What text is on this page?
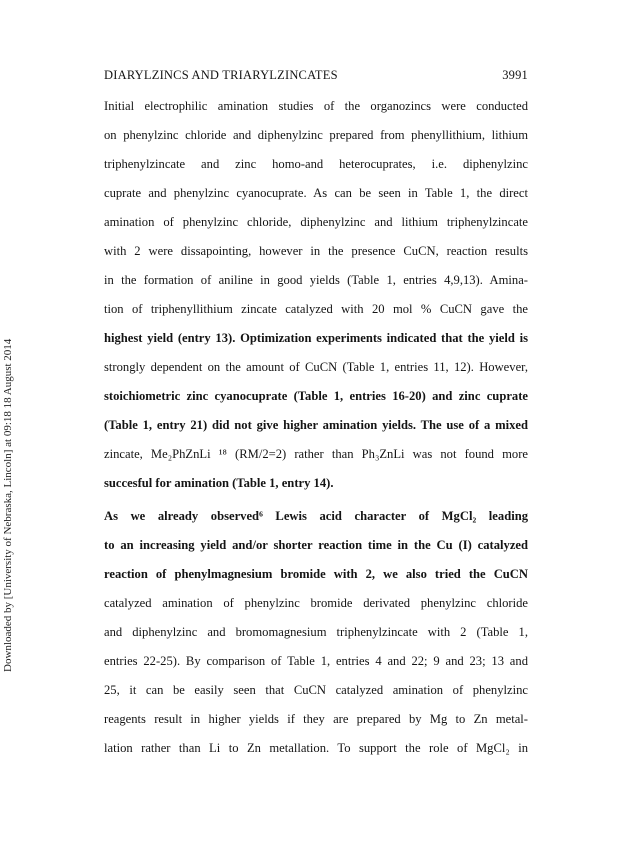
DIARYLZINCS AND TRIARYLZINCATES	3991
Downloaded by [University of Nebraska, Lincoln] at 09:18 18 August 2014
Initial electrophilic amination studies of the organozincs were conducted
on phenylzinc chloride and diphenylzinc prepared from phenyllithium, lithium
triphenylzincate and zinc homo-and heterocuprates, i.e. diphenylzinc
cuprate and phenylzinc cyanocuprate. As can be seen in Table 1, the direct
amination of phenylzinc chloride, diphenylzinc and lithium triphenylzincate
with 2 were dissapointing, however in the presence CuCN, reaction results
in the formation of aniline in good yields (Table 1, entries 4,9,13). Amina-
tion of triphenyllithium zincate catalyzed with 20 mol % CuCN gave the
highest yield (entry 13). Optimization experiments indicated that the yield is
strongly dependent on the amount of CuCN (Table 1, entries 11, 12). However,
stoichiometric zinc cyanocuprate (Table 1, entries 16-20) and zinc cuprate
(Table 1, entry 21) did not give higher amination yields. The use of a mixed
zincate, Me₂PhZnLi ¹⁸ (RM/2=2) rather than Ph₃ZnLi was not found more
succesful for amination (Table 1, entry 14).
As we already observed⁶ Lewis acid character of MgCl₂ leading
to an increasing yield and/or shorter reaction time in the Cu (I) catalyzed
reaction of phenylmagnesium bromide with 2, we also tried the CuCN
catalyzed amination of phenylzinc bromide derivated phenylzinc chloride
and diphenylzinc and bromomagnesium triphenylzincate with 2 (Table 1,
entries 22-25). By comparison of Table 1, entries 4 and 22; 9 and 23; 13 and
25, it can be easily seen that CuCN catalyzed amination of phenylzinc
reagents result in higher yields if they are prepared by Mg to Zn metal-
lation rather than Li to Zn metallation. To support the role of MgCl₂ in
